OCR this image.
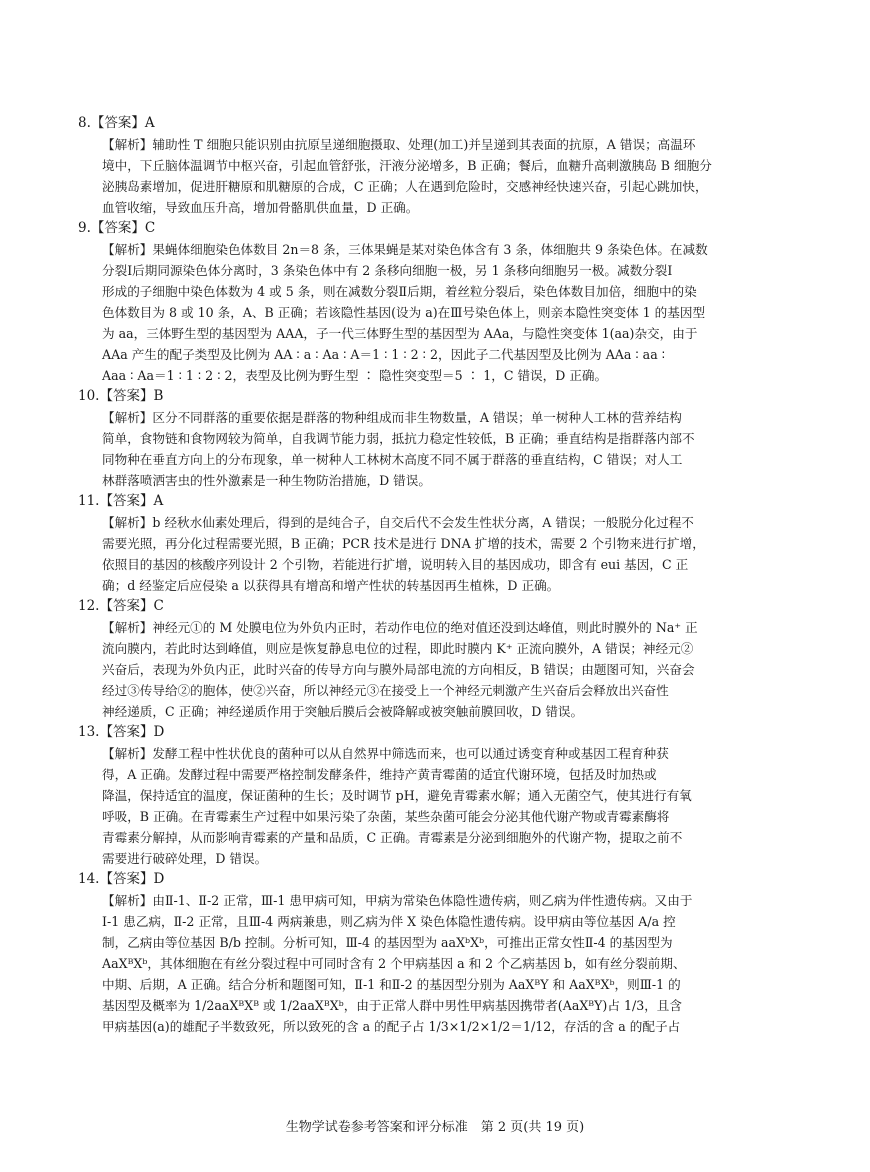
8.【答案】A
【解析】辅助性 T 细胞只能识别由抗原呈递细胞摄取、处理(加工)并呈递到其表面的抗原，A 错误；高温环
境中，下丘脑体温调节中枢兴奋，引起血管舒张，汗液分泌增多，B 正确；餐后，血糖升高刺激胰岛 B 细胞分
泌胰岛素增加，促进肝糖原和肌糖原的合成，C 正确；人在遇到危险时，交感神经快速兴奋，引起心跳加快，
血管收缩，导致血压升高，增加骨骼肌供血量，D 正确。
9.【答案】C
【解析】果蝇体细胞染色体数目 2n＝8 条，三体果蝇是某对染色体含有 3 条，体细胞共 9 条染色体。在减数
分裂Ⅰ后期同源染色体分离时，3 条染色体中有 2 条移向细胞一极，另 1 条移向细胞另一极。减数分裂Ⅰ
形成的子细胞中染色体数为 4 或 5 条，则在减数分裂Ⅱ后期，着丝粒分裂后，染色体数目加倍，细胞中的染
色体数目为 8 或 10 条，A、B 正确；若该隐性基因(设为 a)在Ⅲ号染色体上，则亲本隐性突变体 1 的基因型
为 aa，三体野生型的基因型为 AAA，子一代三体野生型的基因型为 AAa，与隐性突变体 1(aa)杂交，由于
AAa 产生的配子类型及比例为 AA ∶ a ∶ Aa ∶ A＝1 ∶ 1 ∶ 2 ∶ 2，因此子二代基因型及比例为 AAa ∶ aa ∶
Aaa ∶ Aa＝1 ∶ 1 ∶ 2 ∶ 2，表型及比例为野生型 ∶ 隐性突变型＝5 ∶ 1，C 错误，D 正确。
10.【答案】B
【解析】区分不同群落的重要依据是群落的物种组成而非生物数量，A 错误；单一树种人工林的营养结构
简单，食物链和食物网较为简单，自我调节能力弱，抵抗力稳定性较低，B 正确；垂直结构是指群落内部不
同物种在垂直方向上的分布现象，单一树种人工林树木高度不同不属于群落的垂直结构，C 错误；对人工
林群落喷洒害虫的性外激素是一种生物防治措施，D 错误。
11.【答案】A
【解析】b 经秋水仙素处理后，得到的是纯合子，自交后代不会发生性状分离，A 错误；一般脱分化过程不
需要光照，再分化过程需要光照，B 正确；PCR 技术是进行 DNA 扩增的技术，需要 2 个引物来进行扩增，
依照目的基因的核酸序列设计 2 个引物，若能进行扩增，说明转入目的基因成功，即含有 eui 基因，C 正
确；d 经鉴定后应侵染 a 以获得具有增高和增产性状的转基因再生植株，D 正确。
12.【答案】C
【解析】神经元①的 M 处膜电位为外负内正时，若动作电位的绝对值还没到达峰值，则此时膜外的 Na⁺ 正
流向膜内，若此时达到峰值，则应是恢复静息电位的过程，即此时膜内 K⁺ 正流向膜外，A 错误；神经元②
兴奋后，表现为外负内正，此时兴奋的传导方向与膜外局部电流的方向相反，B 错误；由题图可知，兴奋会
经过③传导给②的胞体，使②兴奋，所以神经元③在接受上一个神经元刺激产生兴奋后会释放出兴奋性
神经递质，C 正确；神经递质作用于突触后膜后会被降解或被突触前膜回收，D 错误。
13.【答案】D
【解析】发酵工程中性状优良的菌种可以从自然界中筛选而来，也可以通过诱变育种或基因工程育种获
得，A 正确。发酵过程中需要严格控制发酵条件，维持产黄青霉菌的适宜代谢环境，包括及时加热或
降温，保持适宜的温度，保证菌种的生长；及时调节 pH，避免青霉素水解；通入无菌空气，使其进行有氧
呼吸，B 正确。在青霉素生产过程中如果污染了杂菌，某些杂菌可能会分泌其他代谢产物或青霉素酶将
青霉素分解掉，从而影响青霉素的产量和品质，C 正确。青霉素是分泌到细胞外的代谢产物，提取之前不
需要进行破碎处理，D 错误。
14.【答案】D
【解析】由Ⅱ-1、Ⅱ-2 正常，Ⅲ-1 患甲病可知，甲病为常染色体隐性遗传病，则乙病为伴性遗传病。又由于
Ⅰ-1 患乙病，Ⅱ-2 正常，且Ⅲ-4 两病兼患，则乙病为伴 X 染色体隐性遗传病。设甲病由等位基因 A/a 控
制，乙病由等位基因 B/b 控制。分析可知，Ⅲ-4 的基因型为 aaXᵇXᵇ，可推出正常女性Ⅱ-4 的基因型为
AaXᴮXᵇ，其体细胞在有丝分裂过程中可同时含有 2 个甲病基因 a 和 2 个乙病基因 b，如有丝分裂前期、
中期、后期，A 正确。结合分析和题图可知，Ⅱ-1 和Ⅱ-2 的基因型分别为 AaXᴮY 和 AaXᴮXᵇ，则Ⅲ-1 的
基因型及概率为 1/2aaXᴮXᴮ 或 1/2aaXᴮXᵇ，由于正常人群中男性甲病基因携带者(AaXᴮY)占 1/3，且含
甲病基因(a)的雄配子半数致死，所以致死的含 a 的配子占 1/3×1/2×1/2＝1/12，存活的含 a 的配子占
生物学试卷参考答案和评分标准　第 2 页(共 19 页)
